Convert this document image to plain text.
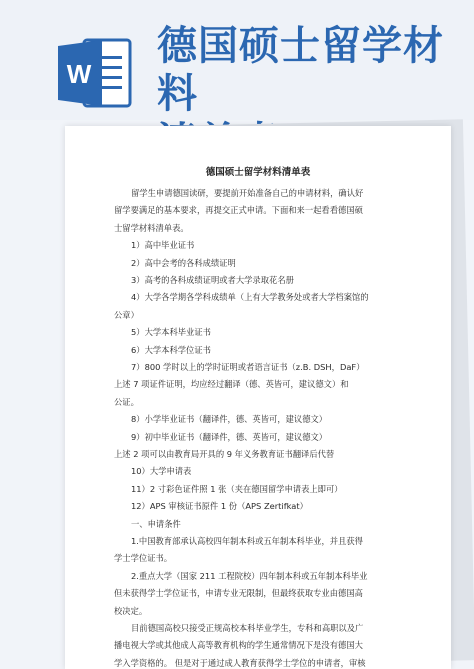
W
德国硕士留学材料
德国硕士留学材料清单表
留学生申请德国读研，要提前开始准备自己的申请材料，确认好
留学要满足的基本要求，再提交正式申请。下面和来一起看看德国硕
士留学材料清单表。
1）高中毕业证书
2）高中会考的各科成绩证明
3）高考的各科成绩证明或者大学录取花名册
4）大学各学期各学科成绩单（上有大学教务处或者大学档案馆的
公章）
5）大学本科毕业证书
6）大学本科学位证书
7）800 学时以上的学时证明或者语言证书（z.B. DSH，DaF）
上述 7 项证件证明，均应经过翻译（德、英皆可，建议德文）和
公证。
8）小学毕业证书（翻译件，德、英皆可，建议德文）
9）初中毕业证书（翻译件，德、英皆可，建议德文）
上述 2 项可以由教育局开具的 9 年义务教育证书翻译后代替
10）大学申请表
11）2 寸彩色证件照 1 张（夹在德国留学申请表上即可）
12）APS 审核证书原件 1 份（APS Zertifkat）
一、申请条件
1.中国教育部承认高校四年制本科或五年制本科毕业，并且获得
学士学位证书。
2.重点大学（国家 211 工程院校）四年制本科或五年制本科毕业
但未获得学士学位证书，申请专业无限制，但最终获取专业由德国高
校决定。
目前德国高校只接受正规高校本科毕业学生，专科和高职以及广
播电视大学或其他成人高等教育机构的学生通常情况下是没有德国大
学入学资格的。 但是对于通过成人教育获得学士学位的申请者，审核
